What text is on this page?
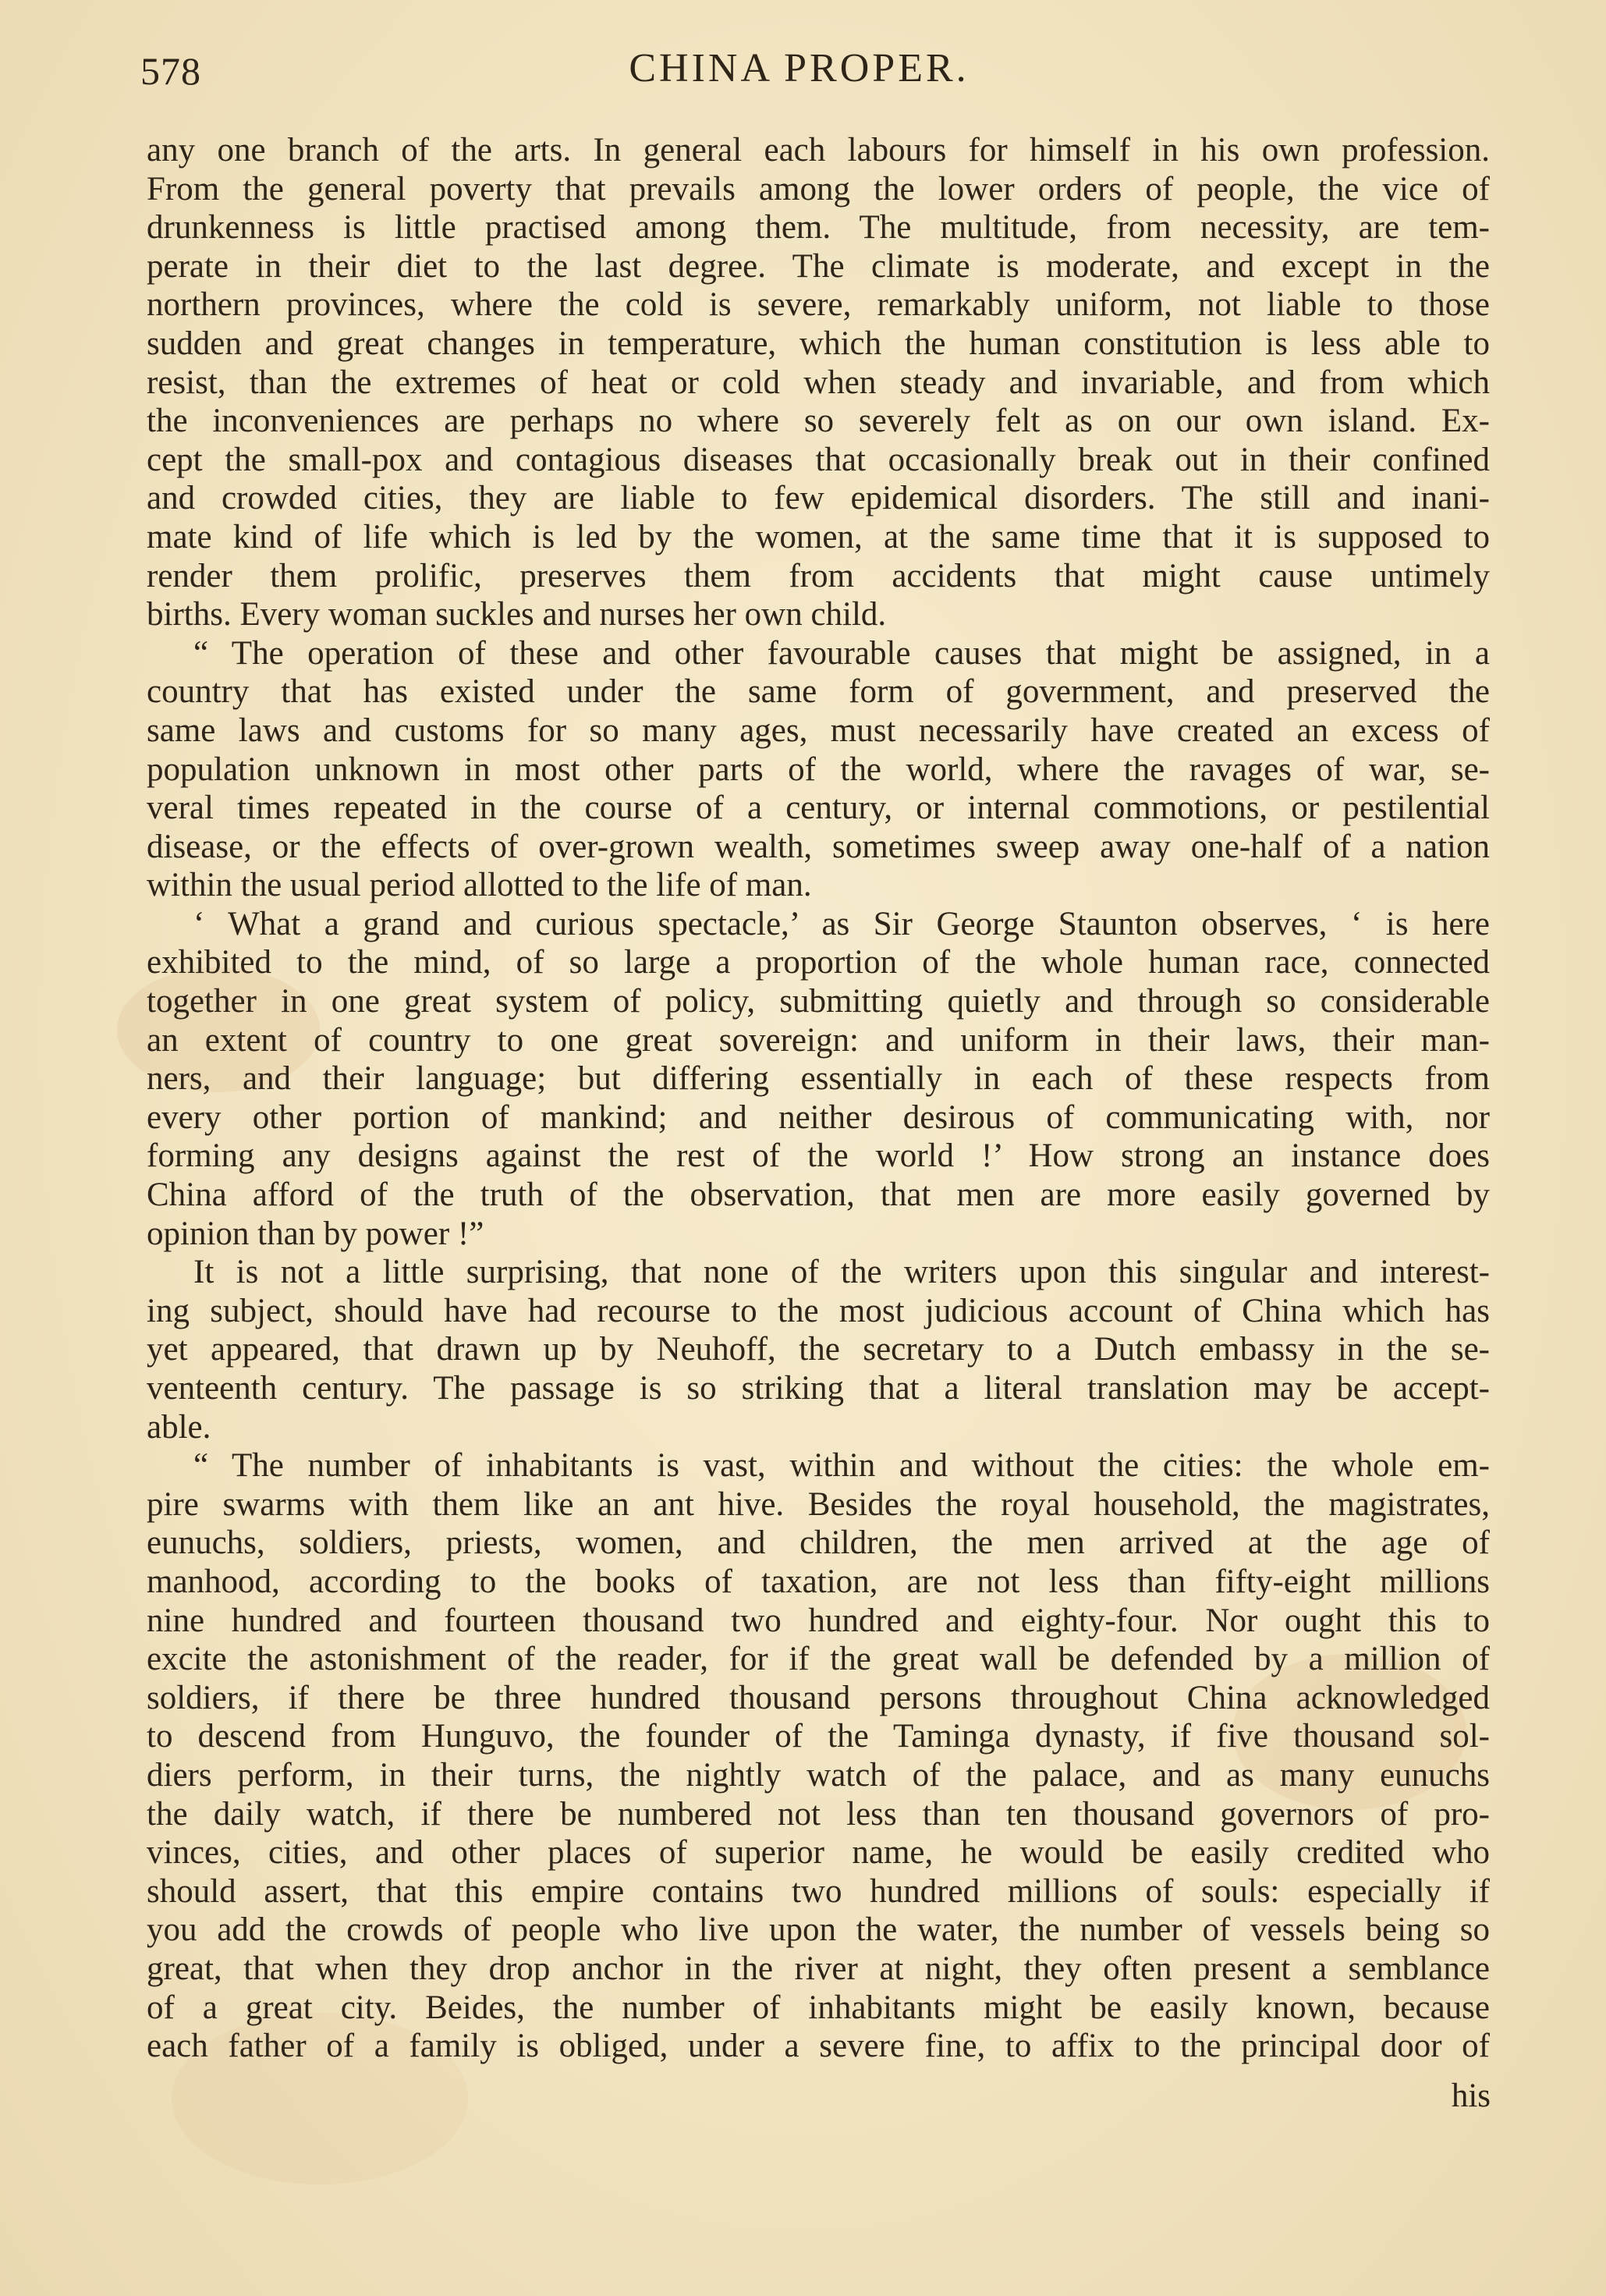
578	CHINA PROPER.
any one branch of the arts. In general each labours for himself in his own profession.
From the general poverty that prevails among the lower orders of people, the vice of
drunkenness is little practised among them. The multitude, from necessity, are tem-
perate in their diet to the last degree. The climate is moderate, and except in the
northern provinces, where the cold is severe, remarkably uniform, not liable to those
sudden and great changes in temperature, which the human constitution is less able to
resist, than the extremes of heat or cold when steady and invariable, and from which
the inconveniences are perhaps no where so severely felt as on our own island. Ex-
cept the small-pox and contagious diseases that occasionally break out in their confined
and crowded cities, they are liable to few epidemical disorders. The still and inani-
mate kind of life which is led by the women, at the same time that it is supposed to
render them prolific, preserves them from accidents that might cause untimely
births. Every woman suckles and nurses her own child.
“ The operation of these and other favourable causes that might be assigned, in a
country that has existed under the same form of government, and preserved the
same laws and customs for so many ages, must necessarily have created an excess of
population unknown in most other parts of the world, where the ravages of war, se-
veral times repeated in the course of a century, or internal commotions, or pestilential
disease, or the effects of over-grown wealth, sometimes sweep away one-half of a nation
within the usual period allotted to the life of man.
‘ What a grand and curious spectacle,’ as Sir George Staunton observes, ‘ is here
exhibited to the mind, of so large a proportion of the whole human race, connected
together in one great system of policy, submitting quietly and through so considerable
an extent of country to one great sovereign: and uniform in their laws, their man-
ners, and their language; but differing essentially in each of these respects from
every other portion of mankind; and neither desirous of communicating with, nor
forming any designs against the rest of the world !’ How strong an instance does
China afford of the truth of the observation, that men are more easily governed by
opinion than by power !”
It is not a little surprising, that none of the writers upon this singular and interest-
ing subject, should have had recourse to the most judicious account of China which has
yet appeared, that drawn up by Neuhoff, the secretary to a Dutch embassy in the se-
venteenth century. The passage is so striking that a literal translation may be accept-
able.
“ The number of inhabitants is vast, within and without the cities: the whole em-
pire swarms with them like an ant hive. Besides the royal household, the magistrates,
eunuchs, soldiers, priests, women, and children, the men arrived at the age of
manhood, according to the books of taxation, are not less than fifty-eight millions
nine hundred and fourteen thousand two hundred and eighty-four. Nor ought this to
excite the astonishment of the reader, for if the great wall be defended by a million of
soldiers, if there be three hundred thousand persons throughout China acknowledged
to descend from Hunguvo, the founder of the Taminga dynasty, if five thousand sol-
diers perform, in their turns, the nightly watch of the palace, and as many eunuchs
the daily watch, if there be numbered not less than ten thousand governors of pro-
vinces, cities, and other places of superior name, he would be easily credited who
should assert, that this empire contains two hundred millions of souls: especially if
you add the crowds of people who live upon the water, the number of vessels being so
great, that when they drop anchor in the river at night, they often present a semblance
of a great city. Beides, the number of inhabitants might be easily known, because
each father of a family is obliged, under a severe fine, to affix to the principal door of
his
